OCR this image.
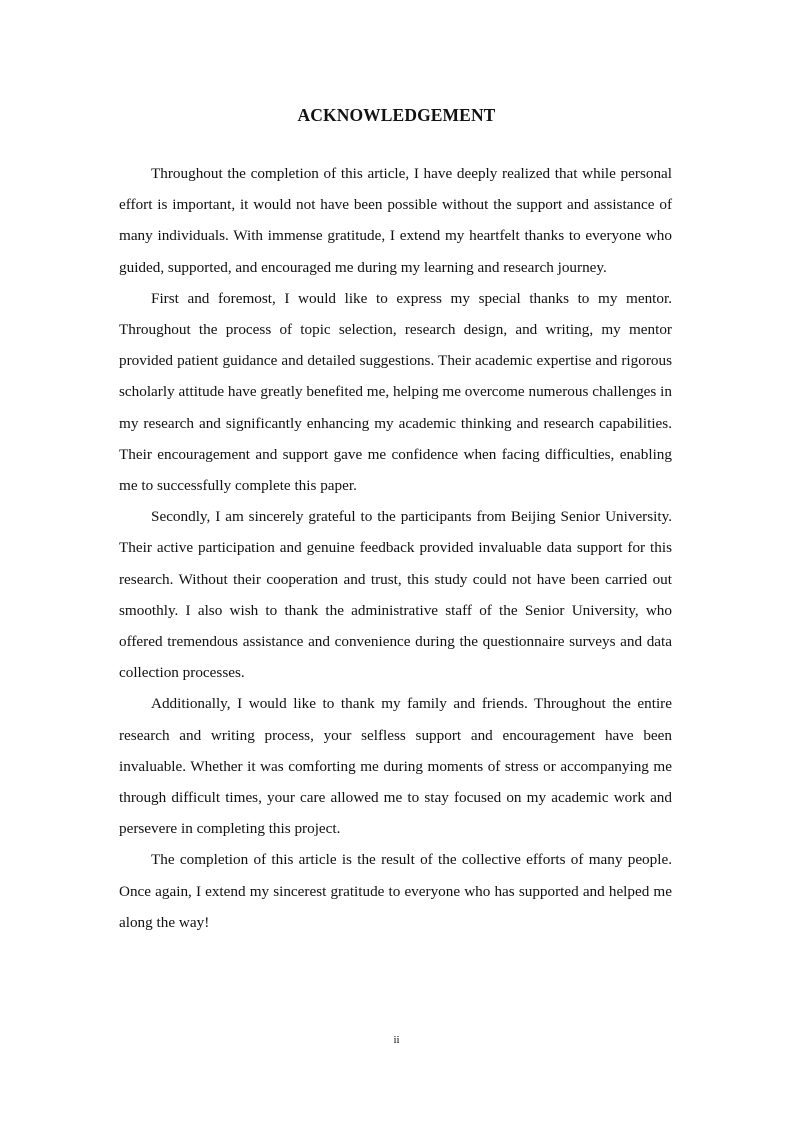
ACKNOWLEDGEMENT

Throughout the completion of this article, I have deeply realized that while personal effort is important, it would not have been possible without the support and assistance of many individuals. With immense gratitude, I extend my heartfelt thanks to everyone who guided, supported, and encouraged me during my learning and research journey.

First and foremost, I would like to express my special thanks to my mentor. Throughout the process of topic selection, research design, and writing, my mentor provided patient guidance and detailed suggestions. Their academic expertise and rigorous scholarly attitude have greatly benefited me, helping me overcome numerous challenges in my research and significantly enhancing my academic thinking and research capabilities. Their encouragement and support gave me confidence when facing difficulties, enabling me to successfully complete this paper.

Secondly, I am sincerely grateful to the participants from Beijing Senior University. Their active participation and genuine feedback provided invaluable data support for this research. Without their cooperation and trust, this study could not have been carried out smoothly. I also wish to thank the administrative staff of the Senior University, who offered tremendous assistance and convenience during the questionnaire surveys and data collection processes.

Additionally, I would like to thank my family and friends. Throughout the entire research and writing process, your selfless support and encouragement have been invaluable. Whether it was comforting me during moments of stress or accompanying me through difficult times, your care allowed me to stay focused on my academic work and persevere in completing this project.

The completion of this article is the result of the collective efforts of many people. Once again, I extend my sincerest gratitude to everyone who has supported and helped me along the way!

ii
